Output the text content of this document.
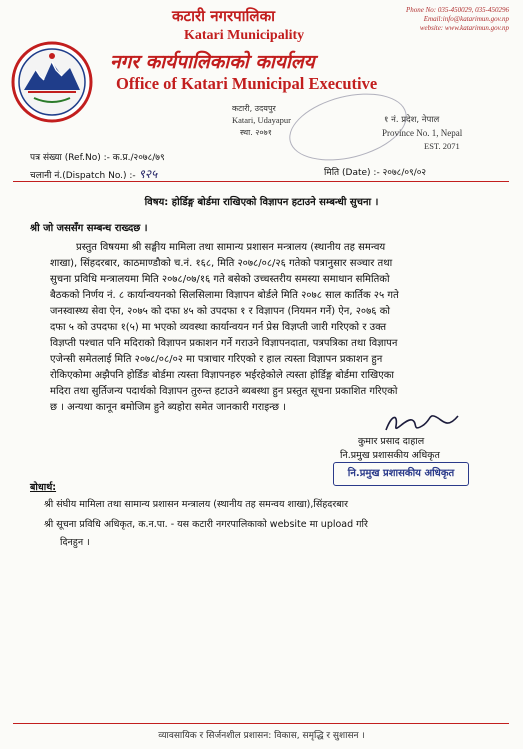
कटारी नगरपालिका
Katari Municipality
नगर कार्यपालिकाको कार्यालय
Office of Katari Municipal Executive
Phone No: 035-450029, 035-450296
Email:info@katarimun.gov.np
website: www.katarimun.gov.np
कटारी, उदयपुर
Katari, Udayapur
स्था. २०७१
१ नं. प्रदेश, नेपाल
Province No. 1, Nepal
EST. 2071
पत्र संख्या (Ref.No) :- क.प्र./२०७८/७९
चलानी नं.(Dispatch No.) :- ९२५	मिति (Date) :- २०७८/०९/०२
विषय: होर्डिङ्ग बोर्डमा राखिएको विज्ञापन हटाउने सम्बन्धी सुचना ।
श्री जो जससँग सम्बन्ध राख्दछ ।
प्रस्तुत विषयमा श्री सङ्घीय मामिला तथा सामान्य प्रशासन मन्त्रालय (स्थानीय तह समन्वय
शाखा), सिंहदरबार, काठमाण्डौको च.नं. १६८, मिति २०७८/०८/२६ गतेको पत्रानुसार सञ्चार तथा
सुचना प्रविधि मन्त्रालयमा मिति २०७८/०७/१६ गते बसेको उच्चस्तरीय समस्या समाधान समितिको
बैठकको निर्णय नं. ८ कार्यान्वयनको सिलसिलामा विज्ञापन बोर्डले मिति २०७८ साल कार्तिक २५ गते
जनस्वास्थ्य सेवा ऐन, २०७५ को दफा ४५ को उपदफा १ र विज्ञापन (नियमन गर्ने) ऐन, २०७६ को
दफा ५ को उपदफा १(५) मा भएको व्यवस्था कार्यान्वयन गर्न प्रेस विज्ञप्ती जारी गरिएको र उक्त
विज्ञप्ती पश्चात पनि मदिराको विज्ञापन प्रकाशन गर्ने गराउने विज्ञापनदाता, पत्रपत्रिका तथा विज्ञापन
एजेन्सी समेतलाई मिति २०७८/०८/०२ मा पत्राचार गरिएको र हाल त्यस्ता विज्ञापन प्रकाशन हुन
रोकिएकोमा अझैपनि होर्डिङ बोर्डमा त्यस्ता विज्ञापनहरु भईरहेकोले त्यस्ता होर्डिङ्ग बोर्डमा राखिएका
मदिरा तथा सुर्तिजन्य पदार्थको विज्ञापन तुरुन्त हटाउने ब्यबस्था हुन प्रस्तुत सूचना प्रकाशित गरिएको
छ । अन्यथा कानून बमोजिम हुने ब्यहोरा समेत जानकारी गराइन्छ ।
कुमार प्रसाद दाहाल
नि.प्रमुख प्रशासकीय अधिकृत
नि.प्रमुख प्रशासकीय अधिकृत
बोधार्थ:
श्री संघीय मामिला तथा सामान्य प्रशासन मन्त्रालय (स्थानीय तह समन्वय शाखा),सिंहदरबार
श्री सूचना प्रविधि अधिकृत, क.न.पा. - यस कटारी नगरपालिकाको website मा upload गरि
दिनहुन ।
व्यावसायिक र सिर्जनशील प्रशासन: विकास, समृद्धि र सुशासन ।
